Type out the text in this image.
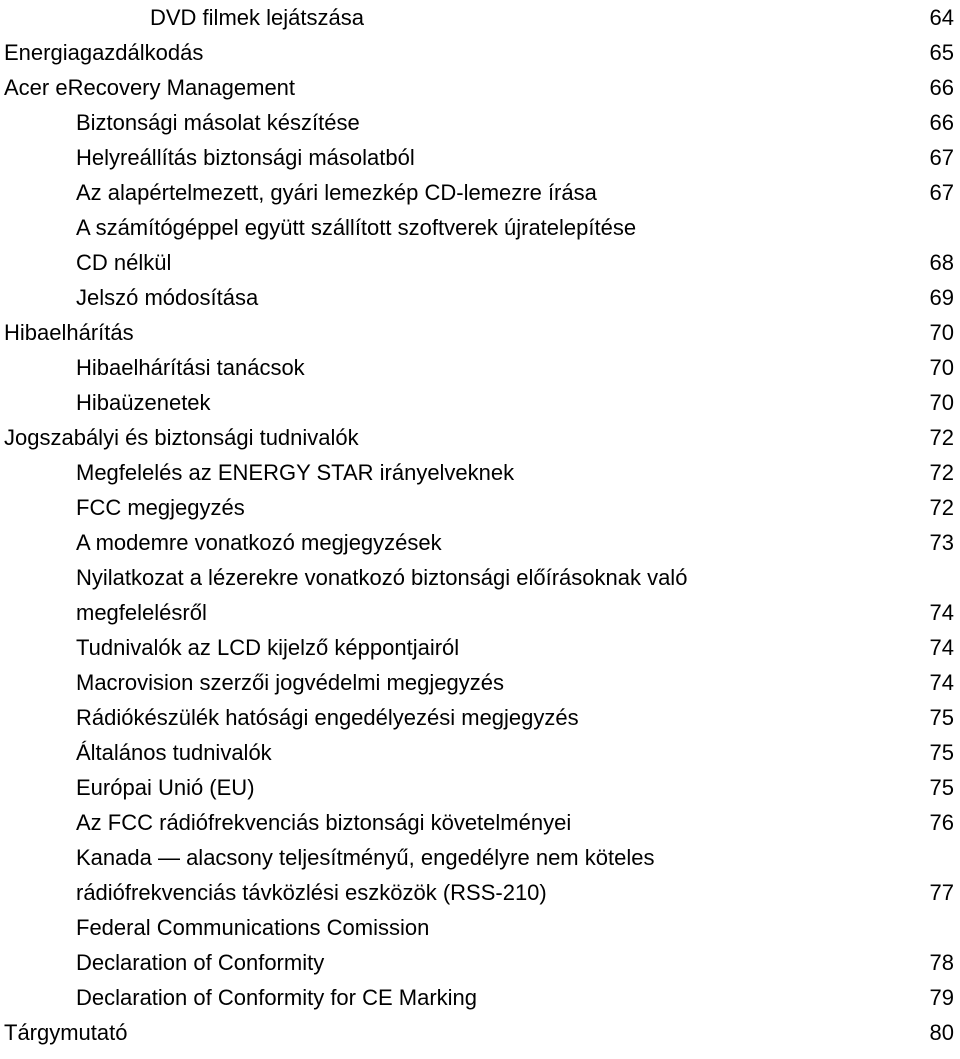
DVD filmek lejátszása	64
Energiagazdálkodás	65
Acer eRecovery Management	66
Biztonsági másolat készítése	66
Helyreállítás biztonsági másolatból	67
Az alapértelmezett, gyári lemezkép CD-lemezre írása	67
A számítógéppel együtt szállított szoftverek újratelepítése
CD nélkül	68
Jelszó módosítása	69
Hibaelhárítás	70
Hibaelhárítási tanácsok	70
Hibaüzenetek	70
Jogszabályi és biztonsági tudnivalók	72
Megfelelés az ENERGY STAR irányelveknek	72
FCC megjegyzés	72
A modemre vonatkozó megjegyzések	73
Nyilatkozat a lézerekre vonatkozó biztonsági előírásoknak való
megfelelésről	74
Tudnivalók az LCD kijelző képpontjairól	74
Macrovision szerzői jogvédelmi megjegyzés	74
Rádiókészülék hatósági engedélyezési megjegyzés	75
Általános tudnivalók	75
Európai Unió (EU)	75
Az FCC rádiófrekvenciás biztonsági követelményei	76
Kanada — alacsony teljesítményű, engedélyre nem köteles
rádiófrekvenciás távközlési eszközök (RSS-210)	77
Federal Communications Comission
Declaration of Conformity	78
Declaration of Conformity for CE Marking	79
Tárgymutató	80
